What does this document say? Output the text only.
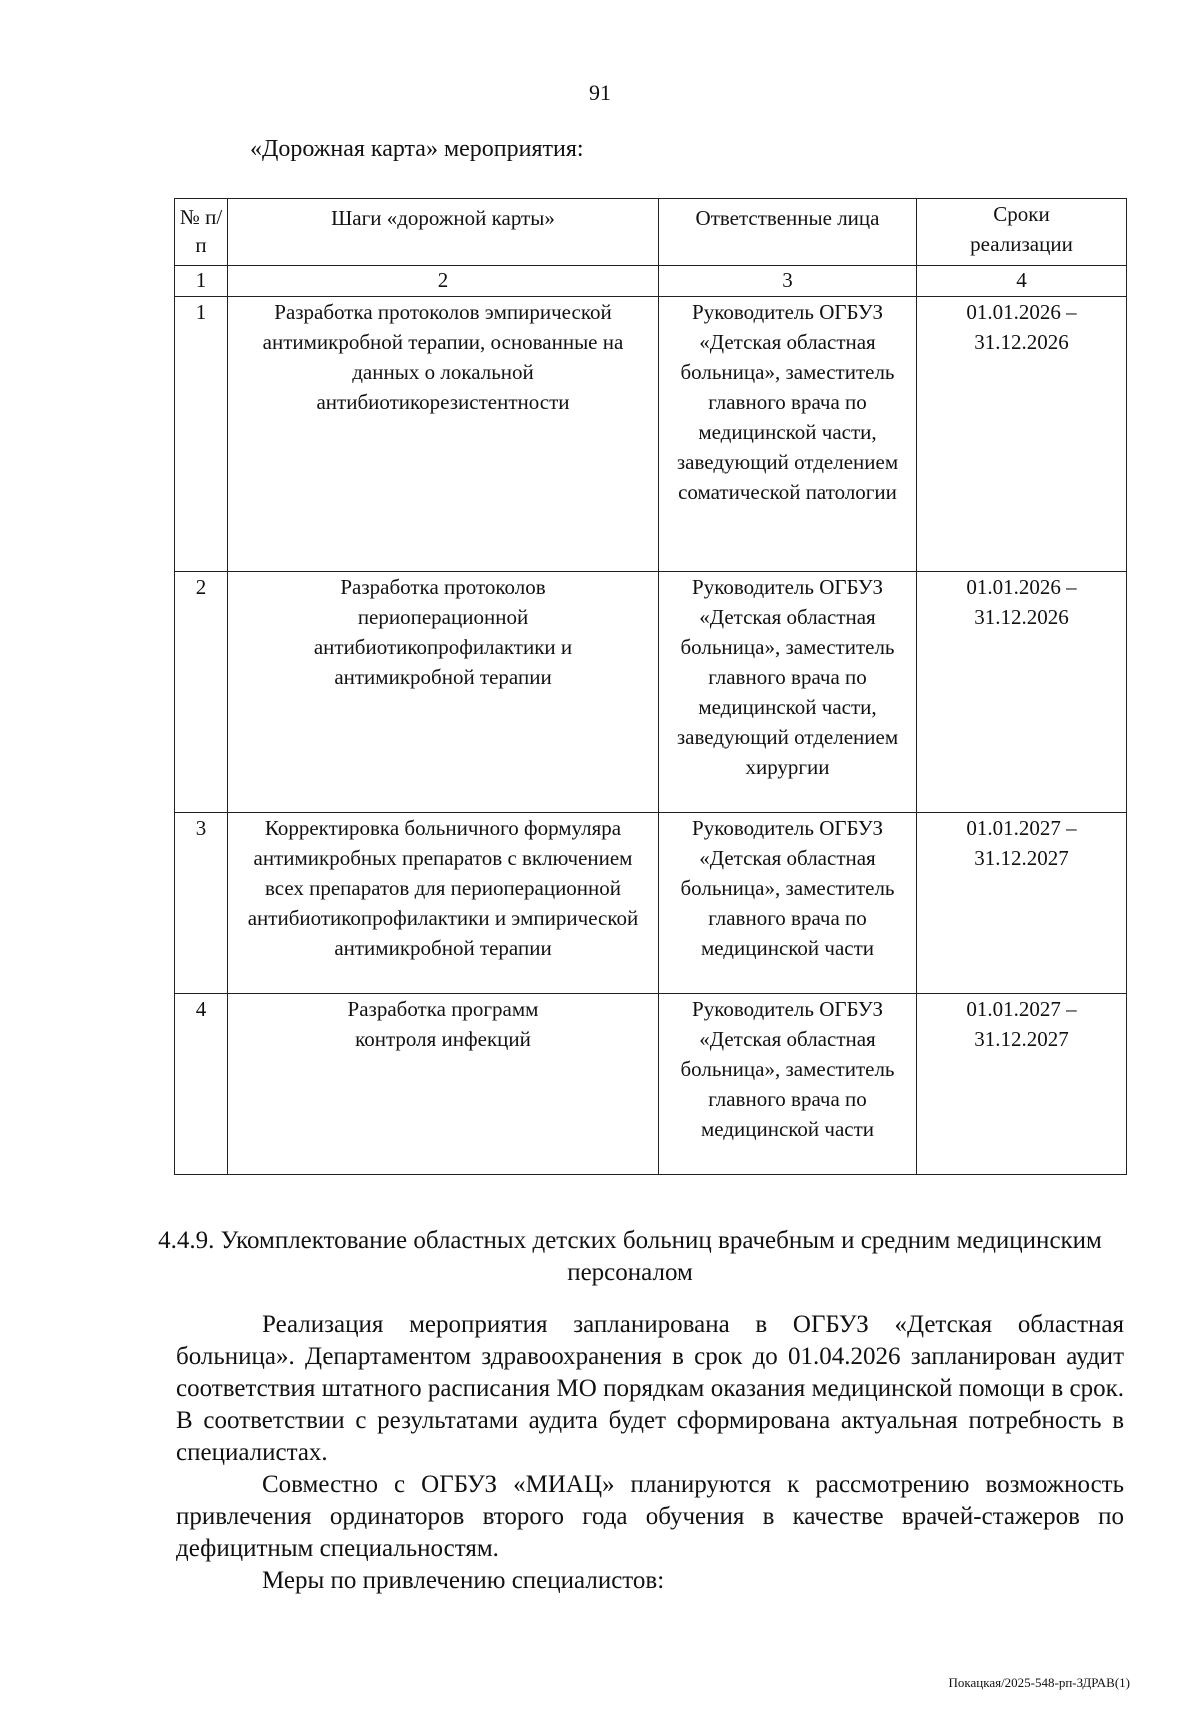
91
«Дорожная карта» мероприятия:
№ п/п	Шаги «дорожной карты»	Ответственные лица	Сроки реализации
1	2	3	4
1	Разработка протоколов эмпирической антимикробной терапии, основанные на данных о локальной антибиотикорезистентности	Руководитель ОГБУЗ «Детская областная больница», заместитель главного врача по медицинской части, заведующий отделением соматической патологии	01.01.2026 – 31.12.2026
2	Разработка протоколов периоперационной антибиотикопрофилактики и антимикробной терапии	Руководитель ОГБУЗ «Детская областная больница», заместитель главного врача по медицинской части, заведующий отделением хирургии	01.01.2026 – 31.12.2026
3	Корректировка больничного формуляра антимикробных препаратов с включением всех препаратов для периоперационной антибиотикопрофилактики и эмпирической антимикробной терапии	Руководитель ОГБУЗ «Детская областная больница», заместитель главного врача по медицинской части	01.01.2027 – 31.12.2027
4	Разработка программ контроля инфекций	Руководитель ОГБУЗ «Детская областная больница», заместитель главного врача по медицинской части	01.01.2027 – 31.12.2027
4.4.9. Укомплектование областных детских больниц врачебным и средним медицинским персоналом

Реализация мероприятия запланирована в ОГБУЗ «Детская областная больница». Департаментом здравоохранения в срок до 01.04.2026 запланирован аудит соответствия штатного расписания МО порядкам оказания медицинской помощи в срок. В соответствии с результатами аудита будет сформирована актуальная потребность в специалистах.

Совместно с ОГБУЗ «МИАЦ» планируются к рассмотрению возможность привлечения ординаторов второго года обучения в качестве врачей-стажеров по дефицитным специальностям.

Меры по привлечению специалистов:

Покацкая/2025-548-рп-ЗДРАВ(1)
